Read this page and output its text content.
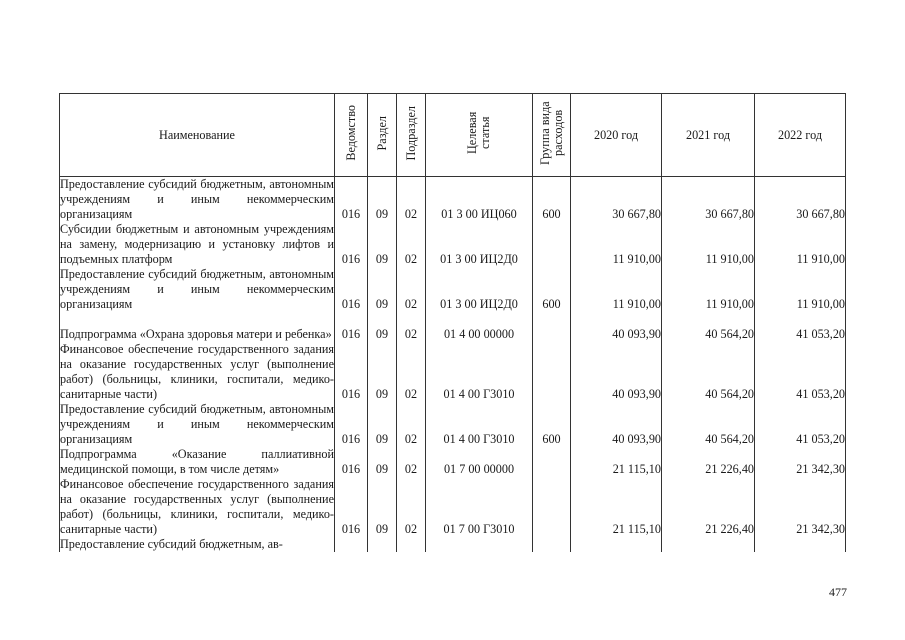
Наименование	Ведомство	Раздел	Подраздел	Целевая статья	Группа вида расходов	2020 год	2021 год	2022 год
Предоставление субсидий бюджетным, автономным учреждениям и иным некоммерческим организациям	016	09	02	01 3 00 ИЦ060	600	30 667,80	30 667,80	30 667,80
Субсидии бюджетным и автономным учреждениям на замену, модернизацию и установку лифтов и подъемных платформ	016	09	02	01 3 00 ИЦ2Д0		11 910,00	11 910,00	11 910,00
Предоставление субсидий бюджетным, автономным учреждениям и иным некоммерческим организациям	016	09	02	01 3 00 ИЦ2Д0	600	11 910,00	11 910,00	11 910,00
Подпрограмма «Охрана здоровья матери и ребенка»	016	09	02	01 4 00 00000		40 093,90	40 564,20	41 053,20
Финансовое обеспечение государственного задания на оказание государственных услуг (выполнение работ) (больницы, клиники, госпитали, медико-санитарные части)	016	09	02	01 4 00 Г3010		40 093,90	40 564,20	41 053,20
Предоставление субсидий бюджетным, автономным учреждениям и иным некоммерческим организациям	016	09	02	01 4 00 Г3010	600	40 093,90	40 564,20	41 053,20
Подпрограмма «Оказание паллиативной медицинской помощи, в том числе детям»	016	09	02	01 7 00 00000		21 115,10	21 226,40	21 342,30
Финансовое обеспечение государственного задания на оказание государственных услуг (выполнение работ) (больницы, клиники, госпитали, медико-санитарные части)	016	09	02	01 7 00 Г3010		21 115,10	21 226,40	21 342,30
Предоставление субсидий бюджетным, ав-								
477
